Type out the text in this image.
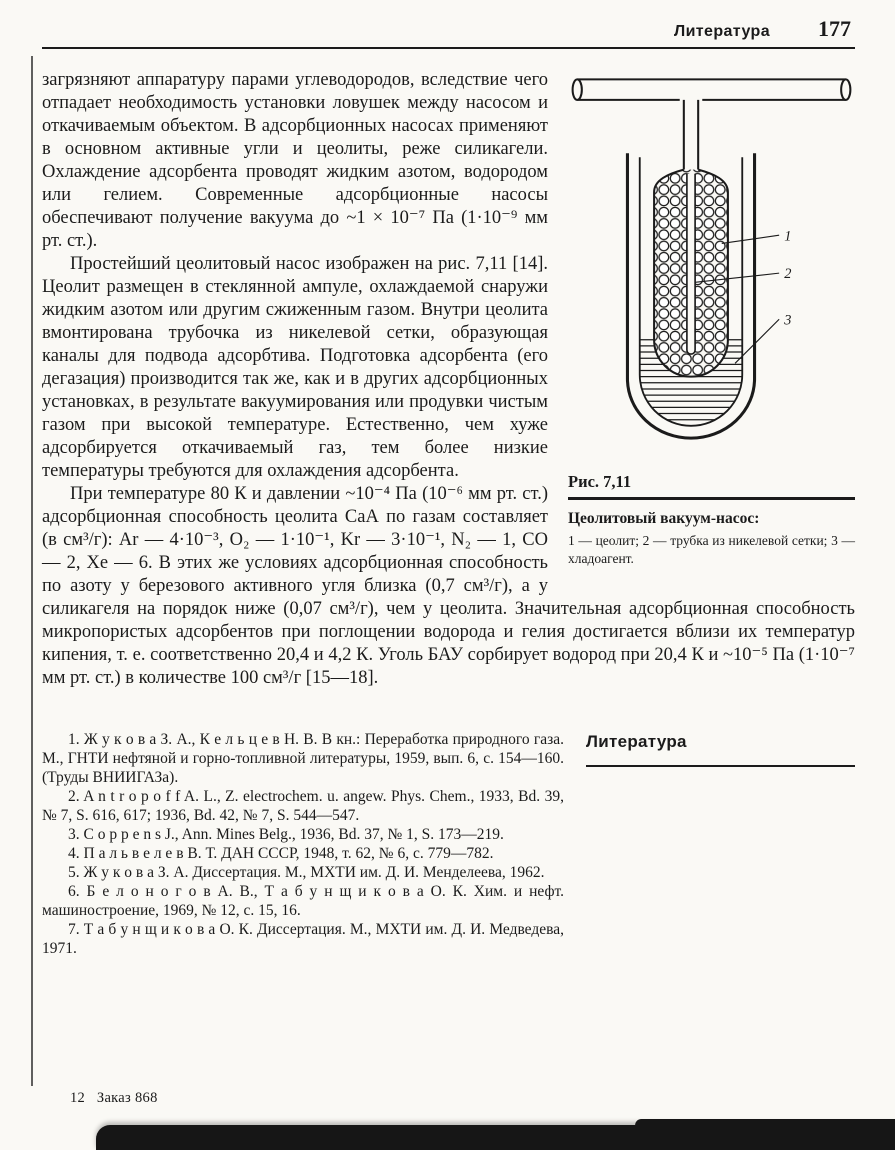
Литература 177
1
2
3
Рис. 7,11
Цеолитовый вакуум-насос:
1 — цеолит; 2 — трубка из никелевой сетки; 3 — хладоагент.

загрязняют аппаратуру парами углеводородов, вследствие чего отпадает необходимость установки ловушек между насосом и откачиваемым объектом. В адсорбционных насосах применяют в основном активные угли и цеолиты, реже силикагели. Охлаждение адсорбента проводят жидким азотом, водородом или гелием. Современные адсорбционные насосы обеспечивают получение вакуума до ~1 × 10⁻⁷ Па (1·10⁻⁹ мм рт. ст.).

Простейший цеолитовый насос изображен на рис. 7,11 [14]. Цеолит размещен в стеклянной ампуле, охлаждаемой снаружи жидким азотом или другим сжиженным газом. Внутри цеолита вмонтирована трубочка из никелевой сетки, образующая каналы для подвода адсорбтива. Подготовка адсорбента (его дегазация) производится так же, как и в других адсорбционных установках, в результате вакуумирования или продувки чистым газом при высокой температуре. Естественно, чем хуже адсорбируется откачиваемый газ, тем более низкие температуры требуются для охлаждения адсорбента.

При температуре 80 К и давлении ~10⁻⁴ Па (10⁻⁶ мм рт. ст.) адсорбционная способность цеолита СаА по газам составляет (в см³/г): Ar — 4·10⁻³, O₂ — 1·10⁻¹, Kr — 3·10⁻¹, N₂ — 1, CO — 2, Xe — 6. В этих же условиях адсорбционная способность по азоту у березового активного угля близка (0,7 см³/г), а у силикагеля на порядок ниже (0,07 см³/г), чем у цеолита. Значительная адсорбционная способность микропористых адсорбентов при поглощении водорода и гелия достигается вблизи их температур кипения, т. е. соответственно 20,4 и 4,2 К. Уголь БАУ сорбирует водород при 20,4 К и ~10⁻⁵ Па (1·10⁻⁷ мм рт. ст.) в количестве 100 см³/г [15—18].

1. Ж у к о в а З. А., К е л ь ц е в Н. В. В кн.: Переработка природного газа. М., ГНТИ нефтяной и горно-топливной литературы, 1959, вып. 6, с. 154—160. (Труды ВНИИГАЗа).

2. A n t r o p o f f A. L., Z. electrochem. u. angew. Phys. Chem., 1933, Bd. 39, № 7, S. 616, 617; 1936, Bd. 42, № 7, S. 544—547.

3. C o p p e n s J., Ann. Mines Belg., 1936, Bd. 37, № 1, S. 173—219.

4. П а л ь в е л е в В. Т. ДАН СССР, 1948, т. 62, № 6, с. 779—782.

5. Ж у к о в а З. А. Диссертация. М., МХТИ им. Д. И. Менделеева, 1962.

6. Б е л о н о г о в А. В., Т а б у н щ и к о в а О. К. Хим. и нефт. машиностроение, 1969, № 12, с. 15, 16.

7. Т а б у н щ и к о в а О. К. Диссертация. М., МХТИ им. Д. И. Медведева, 1971.

Литература
12   Заказ 868
